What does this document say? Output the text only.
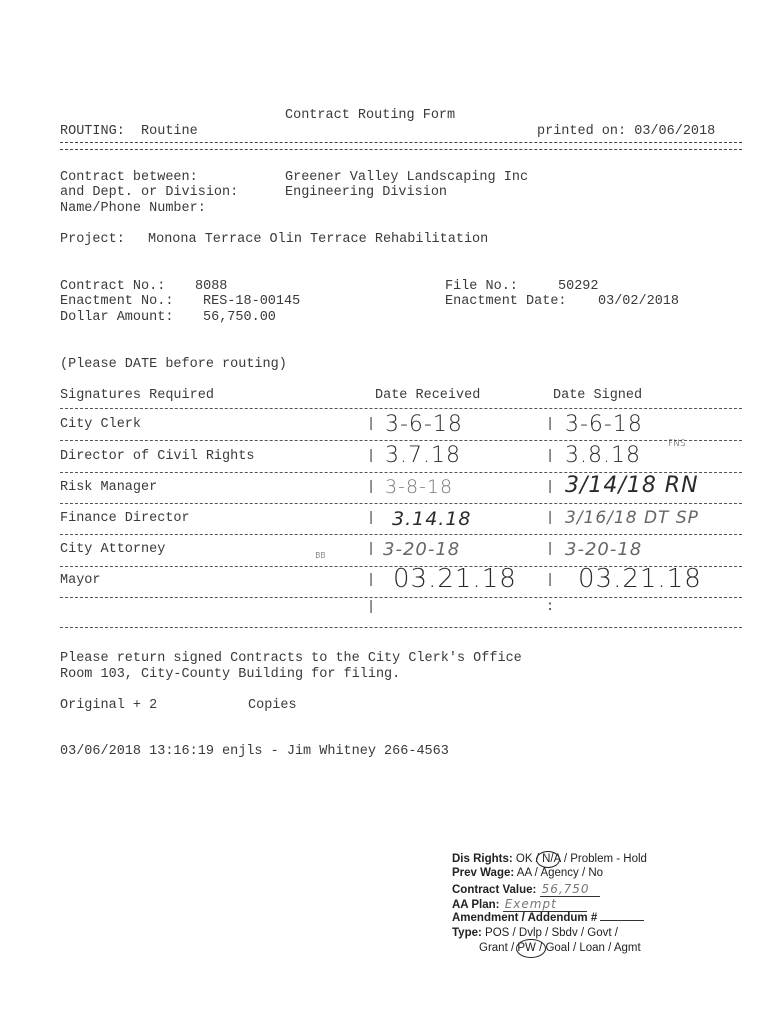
Contract Routing Form
ROUTING:  Routine	printed on: 03/06/2018
Contract between:	Greener Valley Landscaping Inc
and Dept. or Division:	Engineering Division
Name/Phone Number:
Project: Monona Terrace Olin Terrace Rehabilitation
Contract No.: 8088	File No.:	50292
Enactment No.: RES-18-00145	Enactment Date: 03/02/2018
Dollar Amount: 56,750.00
(Please DATE before routing)
Signatures Required	Date Received	Date Signed
City Clerk	| 3-6-18	| 3-6-18
Director of Civil Rights	| 3.7.18	| 3.8.18	FNS
Risk Manager	| 3-8-18	| 3/14/18 RN
Finance Director	| 3.14.18	| 3/16/18 DT SP
City Attorney	BB	| 3-20-18	| 3-20-18
Mayor	| 03.21.18 | 03.21.18
|	:
Please return signed Contracts to the City Clerk's Office
Room 103, City-County Building for filing.
Original + 2	Copies
03/06/2018 13:16:19 enjls - Jim Whitney 266-4563
Dis Rights: OK / N/A / Problem - Hold
Prev Wage: AA / Agency / No
Contract Value: 56,750
AA Plan: Exempt
Amendment / Addendum #
Type: POS / Dvlp / Sbdv / Govt /
Grant / PW / Goal / Loan / Agmt
